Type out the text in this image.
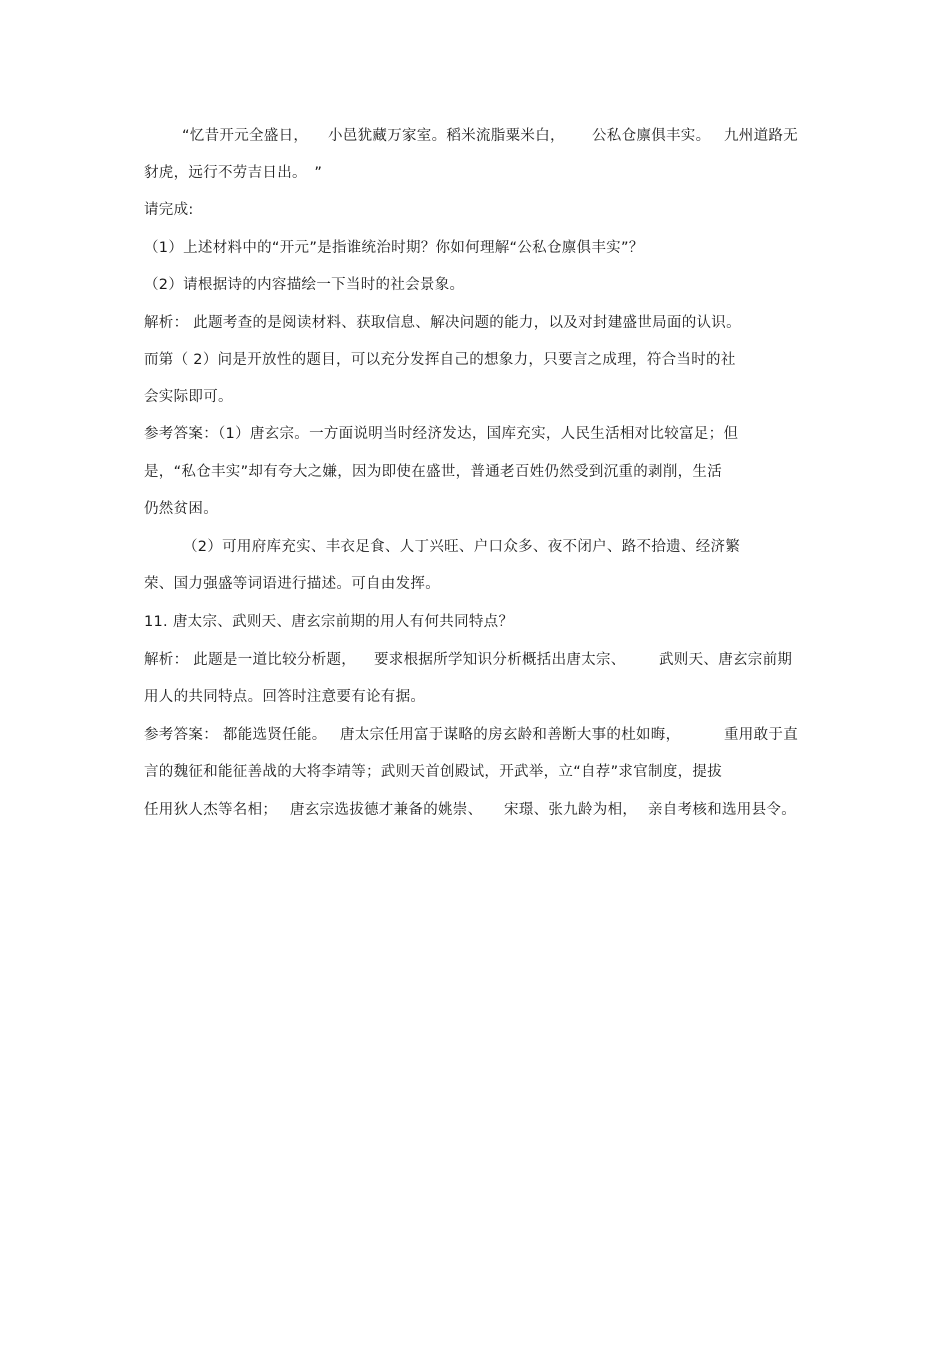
“忆昔开元全盛日， 小邑犹藏万家室。稻米流脂粟米白， 公私仓廪俱丰实。 九州道路无
豺虎，远行不劳吉日出。　”
请完成:
（1）上述材料中的“开元”是指谁统治时期？你如何理解“公私仓廪俱丰实”？
（2）请根据诗的内容描绘一下当时的社会景象。
解析： 此题考查的是阅读材料、获取信息、解决问题的能力，以及对封建盛世局面的认识。
而第（ 2）问是开放性的题目，可以充分发挥自己的想象力，只要言之成理，符合当时的社
会实际即可。
参考答案：（1）唐玄宗。一方面说明当时经济发达，国库充实，人民生活相对比较富足；但
是，“私仓丰实”却有夸大之嫌，因为即使在盛世，普通老百姓仍然受到沉重的剥削，生活
仍然贫困。
（2）可用府库充实、丰衣足食、人丁兴旺、户口众多、夜不闭户、路不拾遗、经济繁
荣、国力强盛等词语进行描述。可自由发挥。
11. 唐太宗、武则天、唐玄宗前期的用人有何共同特点？
解析： 此题是一道比较分析题， 要求根据所学知识分析概括出唐太宗、 武则天、唐玄宗前期
用人的共同特点。回答时注意要有论有据。
参考答案： 都能选贤任能。 唐太宗任用富于谋略的房玄龄和善断大事的杜如晦，	重用敢于直
言的魏征和能征善战的大将李靖等；武则天首创殿试，开武举，立“自荐”求官制度，提拔
任用狄人杰等名相； 唐玄宗选拔德才兼备的姚崇、 宋璟、张九龄为相， 亲自考核和选用县令。
